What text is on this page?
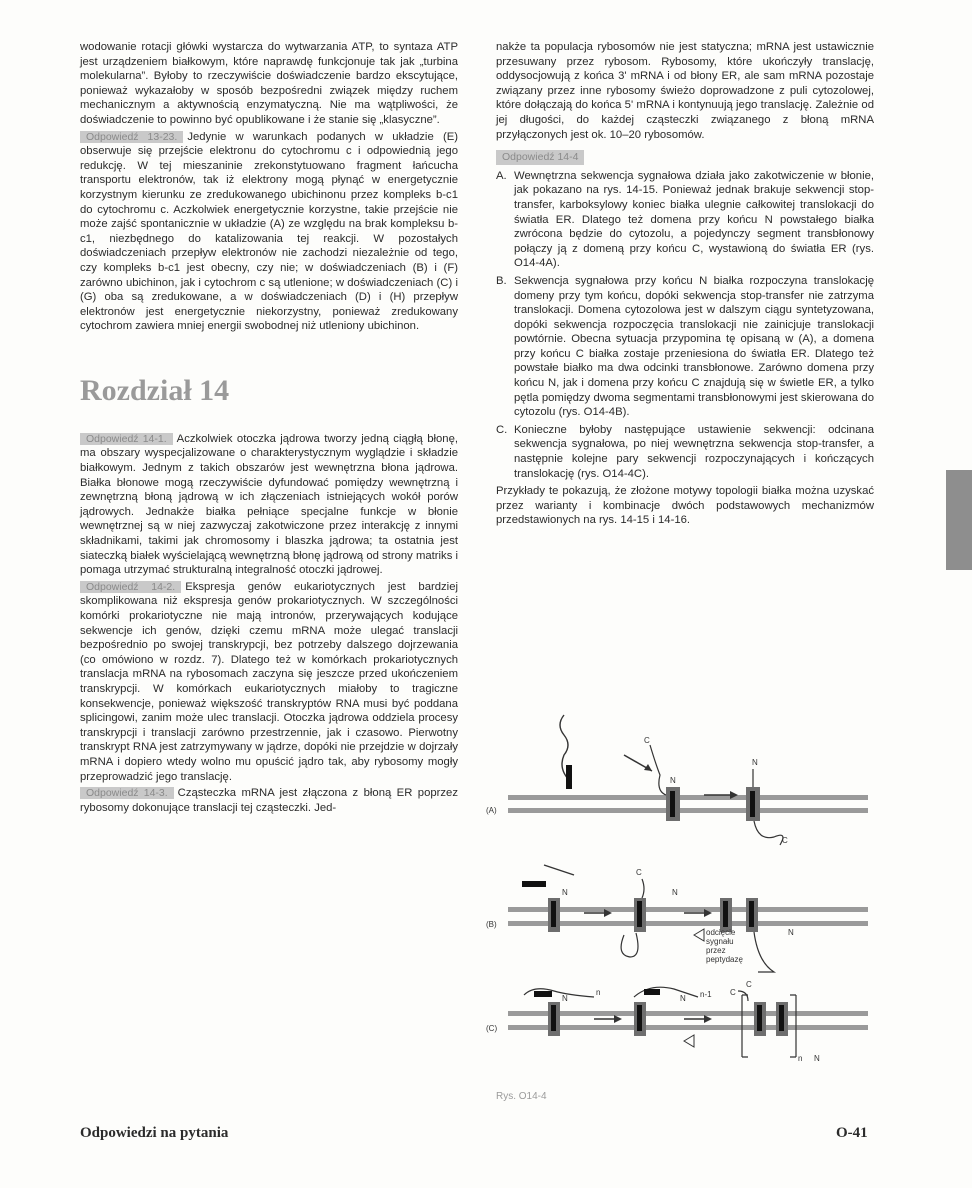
wodowanie rotacji główki wystarcza do wytwarzania ATP, to syntaza ATP jest urządzeniem białkowym, które naprawdę funkcjonuje tak jak „turbina molekularna”. Byłoby to rzeczywiście doświadczenie bardzo ekscytujące, ponieważ wykazałoby w sposób bezpośredni związek między ruchem mechanicznym a aktywnością enzymatyczną. Nie ma wątpliwości, że doświadczenie to powinno być opublikowane i że stanie się „klasyczne”.

Odpowiedź 13-23. Jedynie w warunkach podanych w układzie (E) obserwuje się przejście elektronu do cytochromu c i odpowiednią jego redukcję. W tej mieszaninie zrekonstytuowano fragment łańcucha transportu elektronów, tak iż elektrony mogą płynąć w energetycznie korzystnym kierunku ze zredukowanego ubichinonu przez kompleks b-c1 do cytochromu c. Aczkolwiek energetycznie korzystne, takie przejście nie może zajść spontanicznie w układzie (A) ze względu na brak kompleksu b-c1, niezbędnego do katalizowania tej reakcji. W pozostałych doświadczeniach przepływ elektronów nie zachodzi niezależnie od tego, czy kompleks b-c1 jest obecny, czy nie; w doświadczeniach (B) i (F) zarówno ubichinon, jak i cytochrom c są utlenione; w doświadczeniach (C) i (G) oba są zredukowane, a w doświadczeniach (D) i (H) przepływ elektronów jest energetycznie niekorzystny, ponieważ zredukowany cytochrom zawiera mniej energii swobodnej niż utleniony ubichinon.

Rozdział 14

Odpowiedź 14-1. Aczkolwiek otoczka jądrowa tworzy jedną ciągłą błonę, ma obszary wyspecjalizowane o charakterystycznym wyglądzie i składzie białkowym. Jednym z takich obszarów jest wewnętrzna błona jądrowa. Białka błonowe mogą rzeczywiście dyfundować pomiędzy wewnętrzną i zewnętrzną błoną jądrową w ich złączeniach istniejących wokół porów jądrowych. Jednakże białka pełniące specjalne funkcje w błonie wewnętrznej są w niej zazwyczaj zakotwiczone przez interakcję z innymi składnikami, takimi jak chromosomy i blaszka jądrowa; ta ostatnia jest siateczką białek wyścielającą wewnętrzną błonę jądrową od strony matriks i pomaga utrzymać strukturalną integralność otoczki jądrowej.

Odpowiedź 14-2. Ekspresja genów eukariotycznych jest bardziej skomplikowana niż ekspresja genów prokariotycznych. W szczególności komórki prokariotyczne nie mają intronów, przerywających kodujące sekwencje ich genów, dzięki czemu mRNA może ulegać translacji bezpośrednio po swojej transkrypcji, bez potrzeby dalszego dojrzewania (co omówiono w rozdz. 7). Dlatego też w komórkach prokariotycznych translacja mRNA na rybosomach zaczyna się jeszcze przed ukończeniem transkrypcji. W komórkach eukariotycznych miałoby to tragiczne konsekwencje, ponieważ większość transkryptów RNA musi być poddana splicingowi, zanim może ulec translacji. Otoczka jądrowa oddziela procesy transkrypcji i translacji zarówno przestrzennie, jak i czasowo. Pierwotny transkrypt RNA jest zatrzymywany w jądrze, dopóki nie przejdzie w dojrzały mRNA i dopiero wtedy wolno mu opuścić jądro tak, aby rybosomy mogły przeprowadzić jego translację.

Odpowiedź 14-3. Cząsteczka mRNA jest złączona z błoną ER poprzez rybosomy dokonujące translacji tej cząsteczki. Jed-

nakże ta populacja rybosomów nie jest statyczna; mRNA jest ustawicznie przesuwany przez rybosom. Rybosomy, które ukończyły translację, oddysocjowują z końca 3' mRNA i od błony ER, ale sam mRNA pozostaje związany przez inne rybosomy świeżo doprowadzone z puli cytozolowej, które dołączają do końca 5' mRNA i kontynuują jego translację. Zależnie od jej długości, do każdej cząsteczki związanego z błoną mRNA przyłączonych jest ok. 10–20 rybosomów.

Odpowiedź 14-4
A. Wewnętrzna sekwencja sygnałowa działa jako zakotwiczenie w błonie, jak pokazano na rys. 14-15. Ponieważ jednak brakuje sekwencji stop-transfer, karboksylowy koniec białka ulegnie całkowitej translokacji do światła ER. Dlatego też domena przy końcu N powstałego białka zwrócona będzie do cytozolu, a pojedynczy segment transbłonowy połączy ją z domeną przy końcu C, wystawioną do światła ER (rys. O14-4A).
B. Sekwencja sygnałowa przy końcu N białka rozpoczyna translokację domeny przy tym końcu, dopóki sekwencja stop-transfer nie zatrzyma translokacji. Domena cytozolowa jest w dalszym ciągu syntetyzowana, dopóki sekwencja rozpoczęcia translokacji nie zainicjuje translokacji powtórnie. Obecna sytuacja przypomina tę opisaną w (A), a domena przy końcu C białka zostaje przeniesiona do światła ER. Dlatego też powstałe białko ma dwa odcinki transbłonowe. Zarówno domena przy końcu N, jak i domena przy końcu C znajdują się w świetle ER, a tylko pętla pomiędzy dwoma segmentami transbłonowymi jest skierowana do cytozolu (rys. O14-4B).
C. Konieczne byłoby następujące ustawienie sekwencji: odcinana sekwencja sygnałowa, po niej wewnętrzna sekwencja stop-transfer, a następnie kolejne pary sekwencji rozpoczynających i kończących translokację (rys. O14-4C).

Przykłady te pokazują, że złożone motywy topologii białka można uzyskać przez warianty i kombinacje dwóch podstawowych mechanizmów przedstawionych na rys. 14-15 i 14-16.

(A)
C
N
N
C
(B)
N
C
N
odcięcie
sygnału
przez
peptydazę
C
N
(C)
n	n-1
N	N
C
n N
Rys. O14-4
Odpowiedzi na pytania	O-41
